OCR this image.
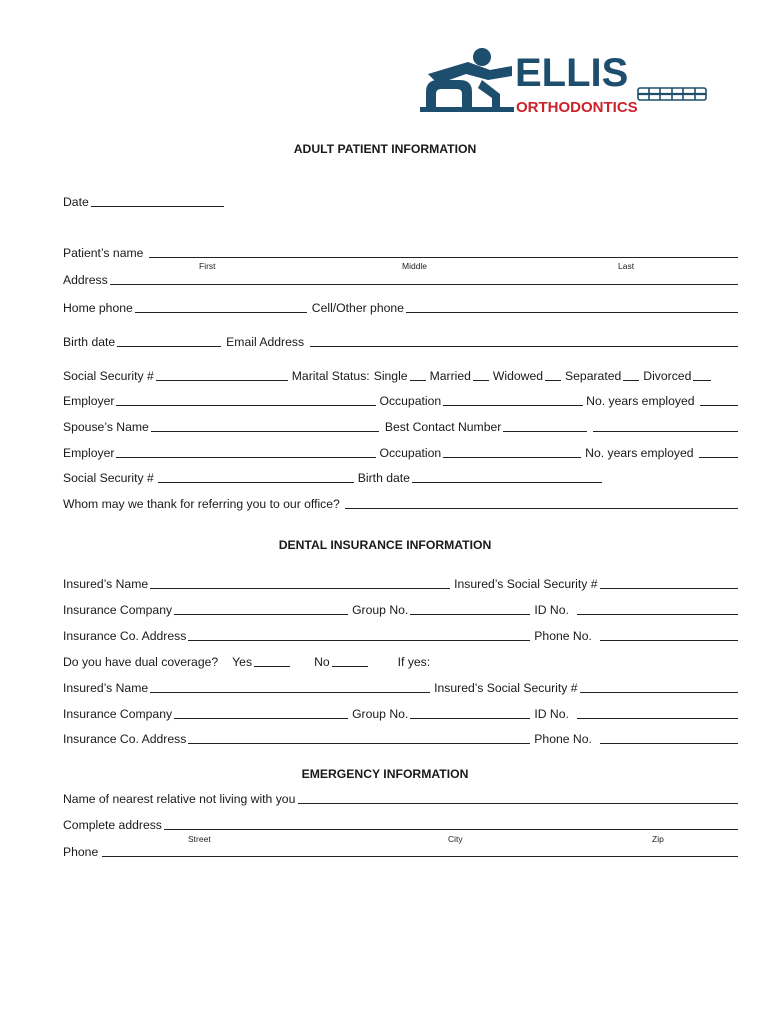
ELLIS
ORTHODONTICS
ADULT PATIENT INFORMATION
Date
Patient’s name
First	Middle	Last
Address
Home phone	Cell/Other phone
Birth date	Email Address
Social Security #	Marital Status: Single Married Widowed Separated Divorced
Employer	Occupation	No. years employed
Spouse’s Name	Best Contact Number
Employer	Occupation	No. years employed
Social Security #	Birth date
Whom may we thank for referring you to our office?
DENTAL INSURANCE INFORMATION
Insured’s Name	Insured’s Social Security #
Insurance Company	Group No.	ID No.
Insurance Co. Address	Phone No.
Do you have dual coverage?	Yes	No	If yes:
Insured’s Name	Insured’s Social Security #
Insurance Company	Group No.	ID No.
Insurance Co. Address	Phone No.
EMERGENCY INFORMATION
Name of nearest relative not living with you
Complete address
Street	City	Zip
Phone
